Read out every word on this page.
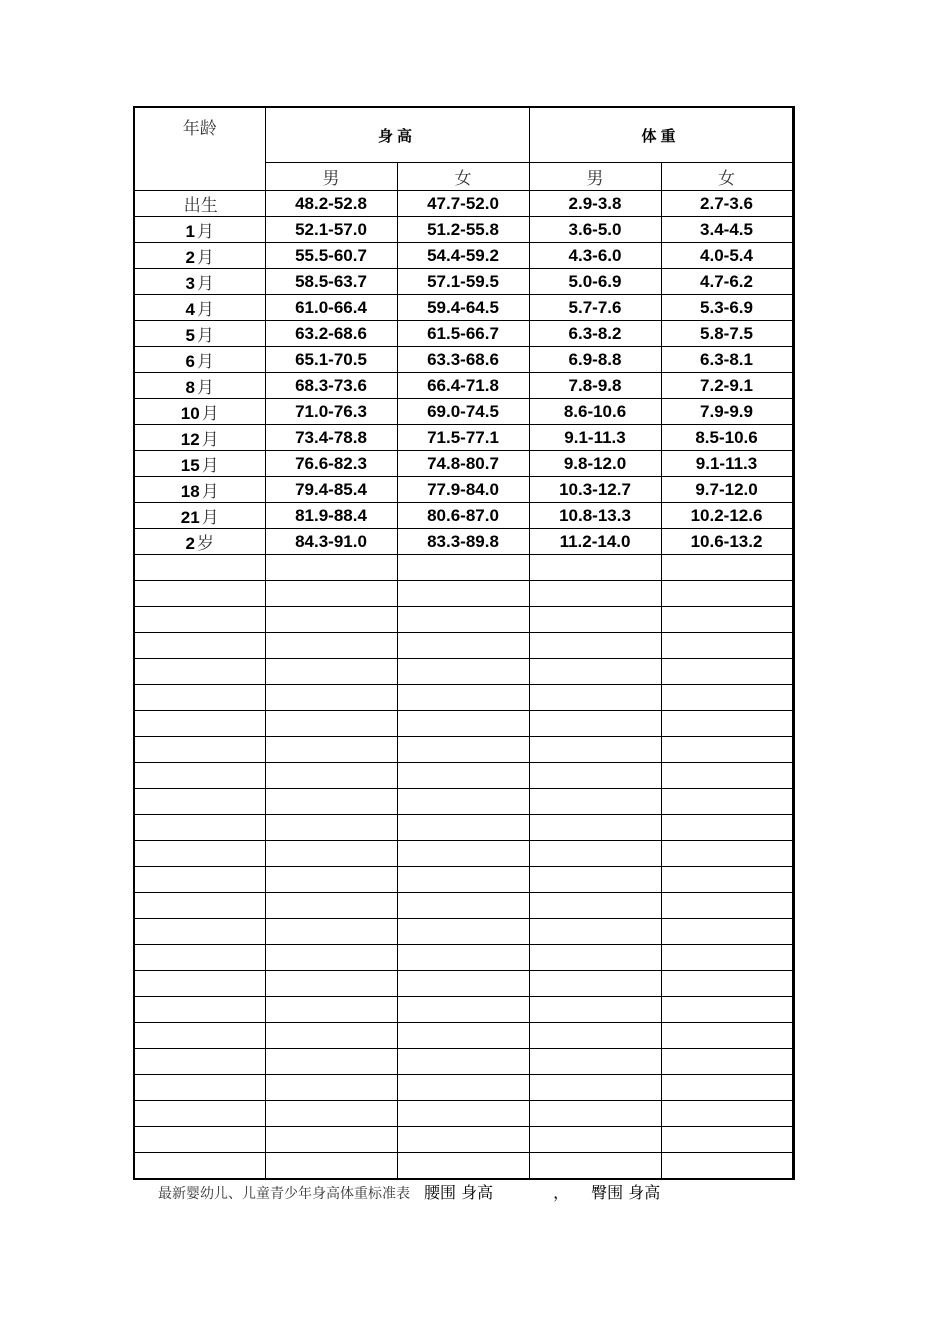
年龄	身高		体重	
	男	女	男	女
出生	48.2-52.8	47.7-52.0	2.9-3.8	2.7-3.6
1 月	52.1-57.0	51.2-55.8	3.6-5.0	3.4-4.5
2 月	55.5-60.7	54.4-59.2	4.3-6.0	4.0-5.4
3 月	58.5-63.7	57.1-59.5	5.0-6.9	4.7-6.2
4 月	61.0-66.4	59.4-64.5	5.7-7.6	5.3-6.9
5 月	63.2-68.6	61.5-66.7	6.3-8.2	5.8-7.5
6 月	65.1-70.5	63.3-68.6	6.9-8.8	6.3-8.1
8 月	68.3-73.6	66.4-71.8	7.8-9.8	7.2-9.1
10 月	71.0-76.3	69.0-74.5	8.6-10.6	7.9-9.9
12 月	73.4-78.8	71.5-77.1	9.1-11.3	8.5-10.6
15 月	76.6-82.3	74.8-80.7	9.8-12.0	9.1-11.3
18 月	79.4-85.4	77.9-84.0	10.3-12.7	9.7-12.0
21 月	81.9-88.4	80.6-87.0	10.8-13.3	10.2-12.6
2 岁	84.3-91.0	83.3-89.8	11.2-14.0	10.6-13.2

最新婴幼儿、儿童青少年身高体重标准表 腰围 身高	， 臀围 身高
